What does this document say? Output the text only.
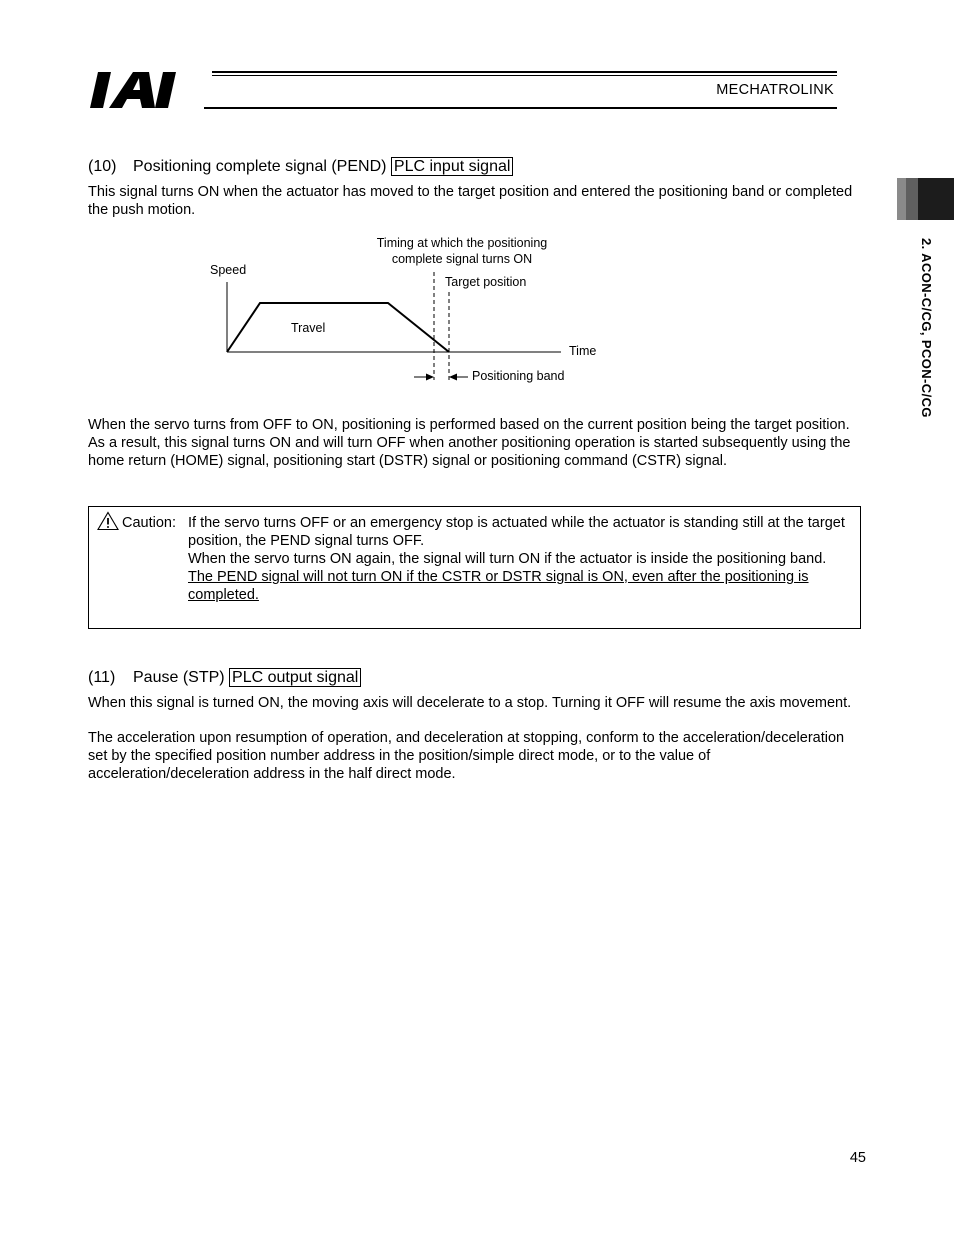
MECHATROLINK
2. ACON-C/CG, PCON-C/CG
(10) Positioning complete signal (PEND) PLC input signal
This signal turns ON when the actuator has moved to the target position and entered the positioning band or completed the push motion.
Speed
Time
Travel
Timing at which the positioning
complete signal turns ON
Target position
Positioning band
When the servo turns from OFF to ON, positioning is performed based on the current position being the target position. As a result, this signal turns ON and will turn OFF when another positioning operation is started subsequently using the home return (HOME) signal, positioning start (DSTR) signal or positioning command (CSTR) signal.
Caution: If the servo turns OFF or an emergency stop is actuated while the actuator is standing still at the target position, the PEND signal turns OFF.
When the servo turns ON again, the signal will turn ON if the actuator is inside the positioning band.
The PEND signal will not turn ON if the CSTR or DSTR signal is ON, even after the positioning is completed.
(11) Pause (STP) PLC output signal
When this signal is turned ON, the moving axis will decelerate to a stop. Turning it OFF will resume the axis movement.
The acceleration upon resumption of operation, and deceleration at stopping, conform to the acceleration/deceleration set by the specified position number address in the position/simple direct mode, or to the value of acceleration/deceleration address in the half direct mode.
45
